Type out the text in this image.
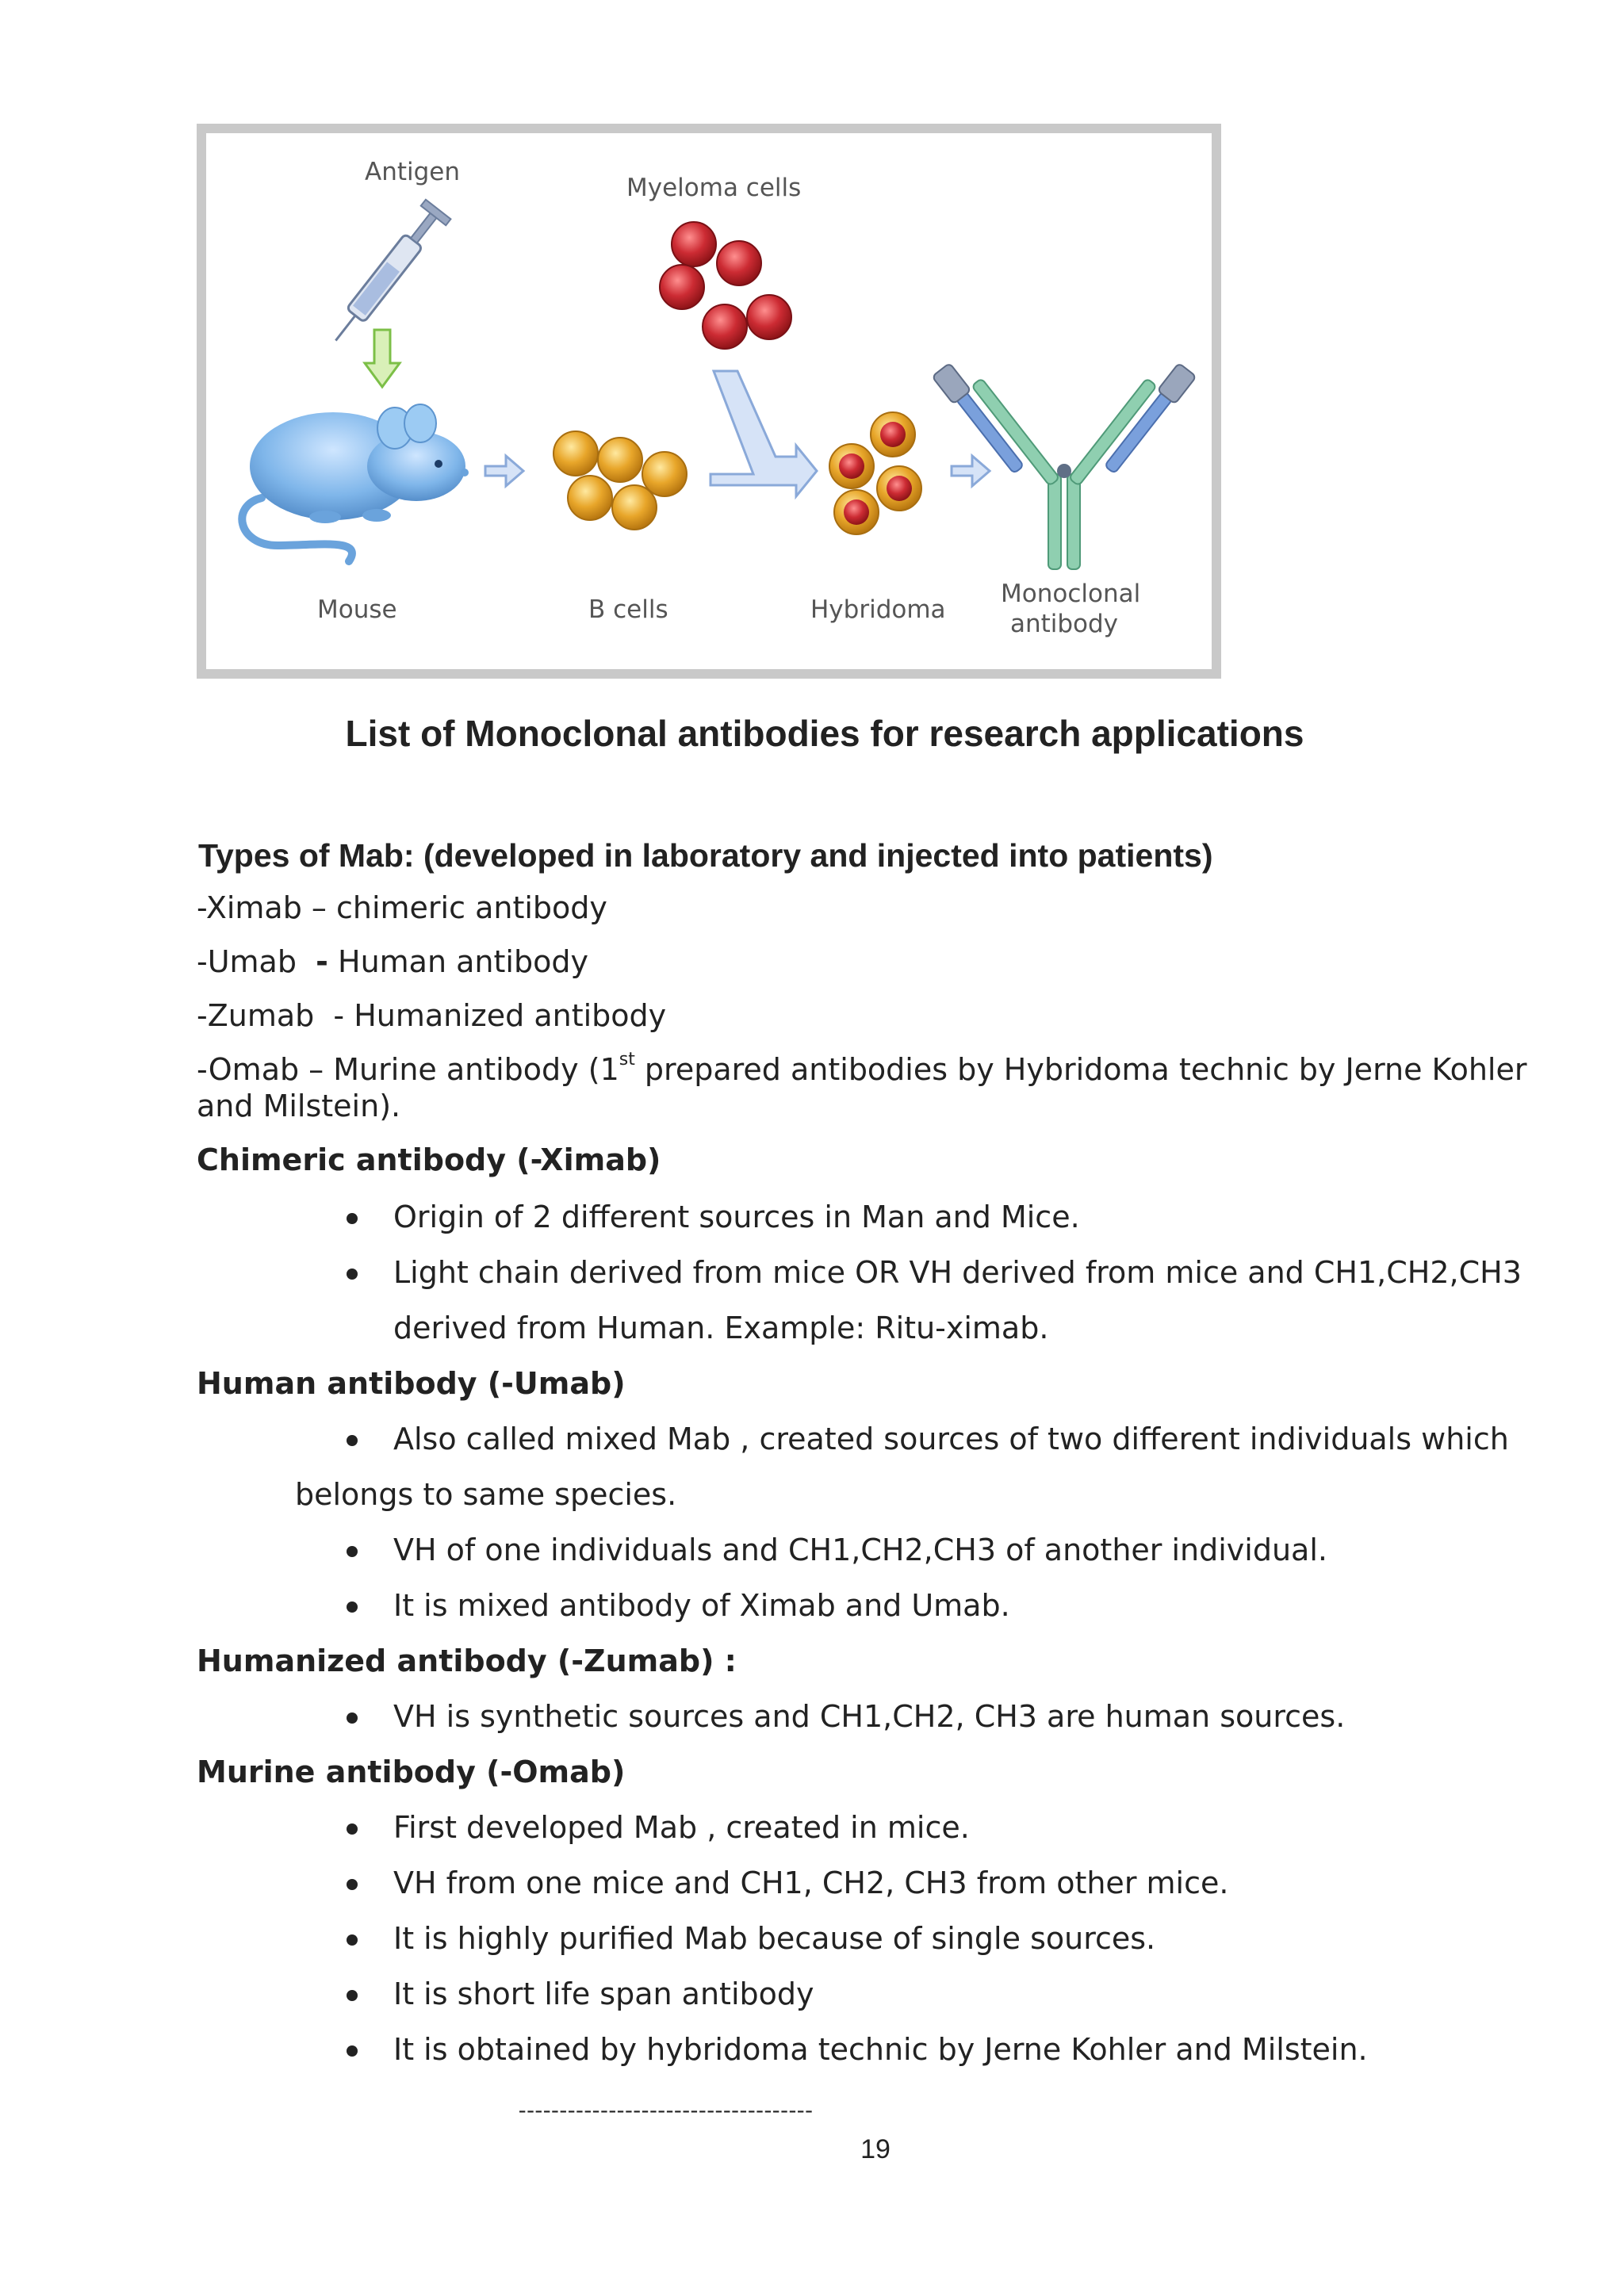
Antigen
Myeloma cells
Mouse	B cells	Hybridoma
Monoclonal
antibody
List of Monoclonal antibodies for research applications
Types of Mab: (developed in laboratory and injected into patients)
-Ximab – chimeric antibody
-Umab - Human antibody
-Zumab  - Humanized antibody
-Omab – Murine antibody (1st prepared antibodies by Hybridoma technic by Jerne Kohler
and Milstein).
Chimeric antibody (-Ximab)
Origin of 2 different sources in Man and Mice.
Light chain derived from mice OR VH derived from mice and CH1,CH2,CH3
derived from Human. Example: Ritu-ximab.
Human antibody (-Umab)
Also called mixed Mab , created sources of two different individuals which
belongs to same species.
VH of one individuals and CH1,CH2,CH3 of another individual.
It is mixed antibody of Ximab and Umab.
Humanized antibody (-Zumab) :
VH is synthetic sources and CH1,CH2, CH3 are human sources.
Murine antibody (-Omab)
First developed Mab , created in mice.
VH from one mice and CH1, CH2, CH3 from other mice.
It is highly purified Mab because of single sources.
It is short life span antibody
It is obtained by hybridoma technic by Jerne Kohler and Milstein.
------------------------------------
19
